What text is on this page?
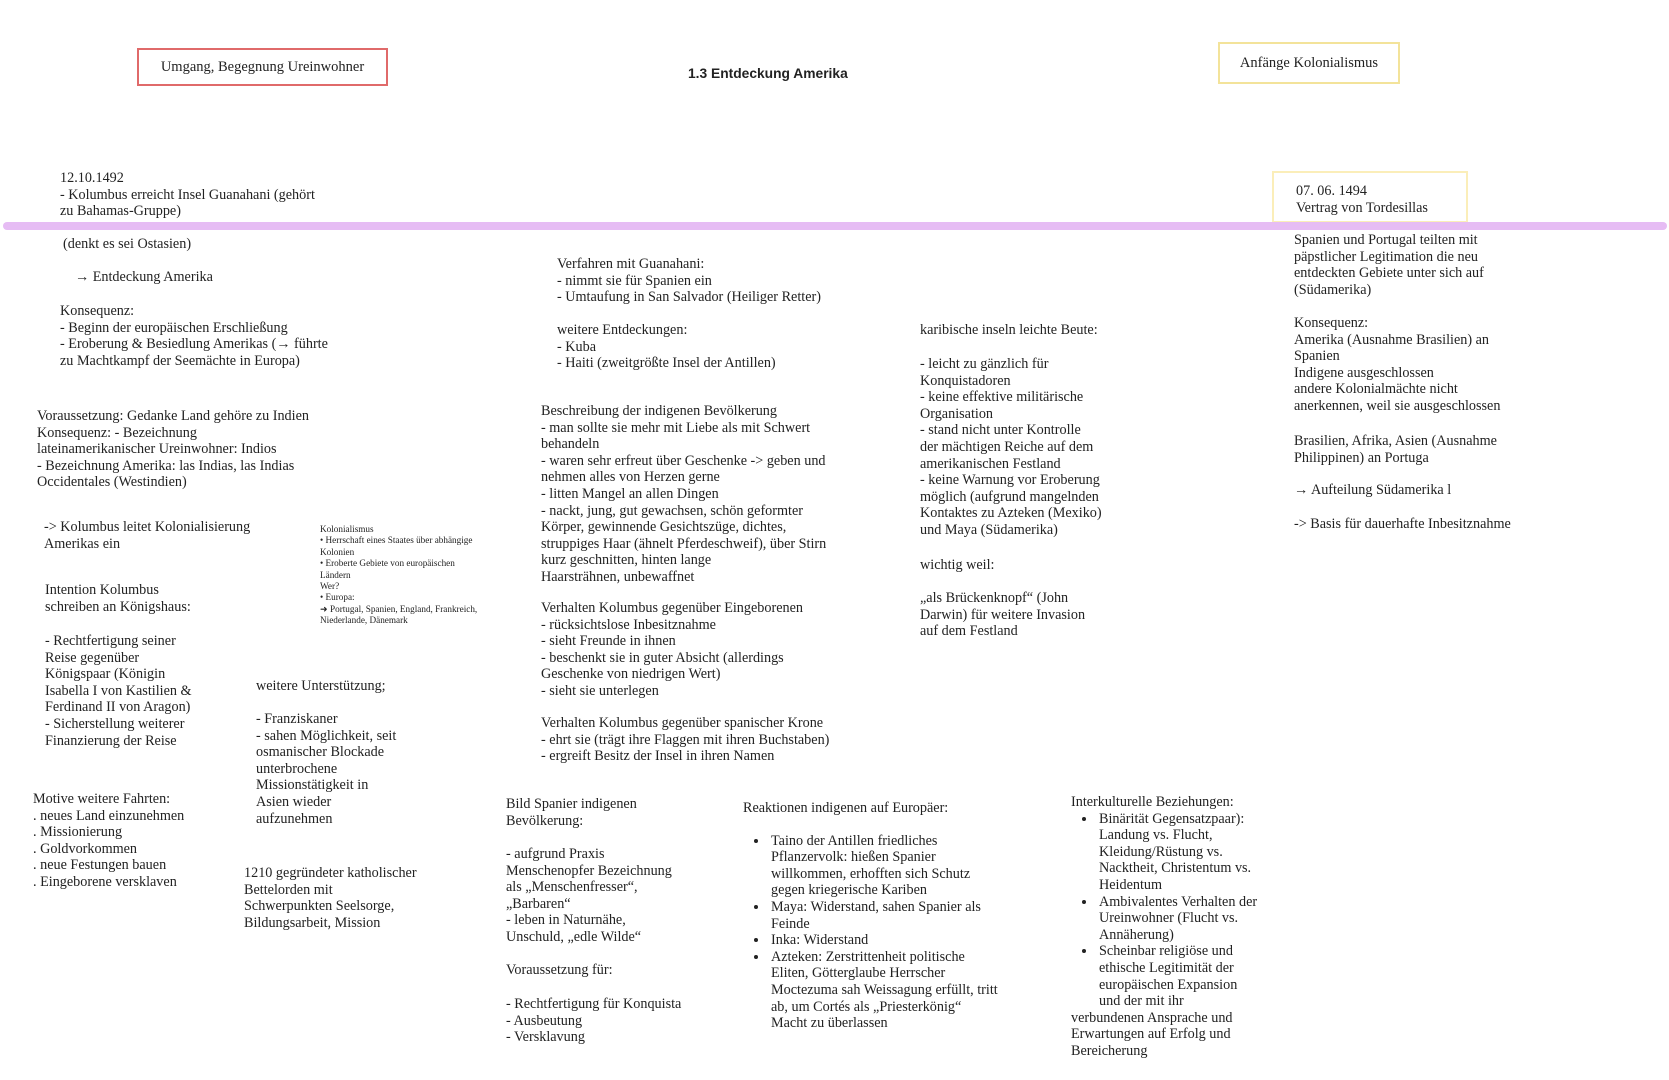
Umgang, Begegnung Ureinwohner	1.3 Entdeckung Amerika
Anfänge Kolonialismus

12.10.1492

- Kolumbus erreicht Insel Guanahani (gehört
zu Bahamas-Gruppe)

07. 06. 1494

Vertrag von Tordesillas

(denkt es sei Ostasien)

→ Entdeckung Amerika

Konsequenz:
- Beginn der europäischen Erschließung
- Eroberung & Besiedlung Amerikas (→ führte
zu Machtkampf der Seemächte in Europa)

Voraussetzung: Gedanke Land gehöre zu Indien
Konsequenz: - Bezeichnung
lateinamerikanischer Ureinwohner: Indios
- Bezeichnung Amerika: las Indias, las Indias
Occidentales (Westindien)

-> Kolumbus leitet Kolonialisierung
Amerikas ein

Intention Kolumbus
schreiben an Königshaus:

- Rechtfertigung seiner
Reise gegenüber
Königspaar (Königin
Isabella I von Kastilien &
Ferdinand II von Aragon)
- Sicherstellung weiterer
Finanzierung der Reise

Motive weitere Fahrten:
. neues Land einzunehmen
. Missionierung
. Goldvorkommen
. neue Festungen bauen
. Eingeborene versklaven

Kolonialismus

• Herrschaft eines Staates über abhängige

Kolonien

• Eroberte Gebiete von europäischen

Ländern

Wer?

• Europa:

➜ Portugal, Spanien, England, Frankreich,

Niederlande, Dänemark

weitere Unterstützung;

- Franziskaner
- sahen Möglichkeit, seit
osmanischer Blockade
unterbrochene
Missionstätigkeit in
Asien wieder
aufzunehmen

1210 gegründeter katholischer
Bettelorden mit
Schwerpunkten Seelsorge,
Bildungsarbeit, Mission

Verfahren mit Guanahani:
- nimmt sie für Spanien ein
- Umtaufung in San Salvador (Heiliger Retter)

weitere Entdeckungen:
- Kuba
- Haiti (zweitgrößte Insel der Antillen)

Beschreibung der indigenen Bevölkerung
- man sollte sie mehr mit Liebe als mit Schwert
behandeln
- waren sehr erfreut über Geschenke -> geben und
nehmen alles von Herzen gerne
- litten Mangel an allen Dingen
- nackt, jung, gut gewachsen, schön geformter
Körper, gewinnende Gesichtszüge, dichtes,
struppiges Haar (ähnelt Pferdeschweif), über Stirn
kurz geschnitten, hinten lange
Haarsträhnen, unbewaffnet

Verhalten Kolumbus gegenüber Eingeborenen
- rücksichtslose Inbesitznahme
- sieht Freunde in ihnen
- beschenkt sie in guter Absicht (allerdings
Geschenke von niedrigen Wert)
- sieht sie unterlegen

Verhalten Kolumbus gegenüber spanischer Krone
- ehrt sie (trägt ihre Flaggen mit ihren Buchstaben)
- ergreift Besitz der Insel in ihren Namen

karibische inseln leichte Beute:

- leicht zu gänzlich für
Konquistadoren
- keine effektive militärische
Organisation
- stand nicht unter Kontrolle
der mächtigen Reiche auf dem
amerikanischen Festland
- keine Warnung vor Eroberung
möglich (aufgrund mangelnden
Kontaktes zu Azteken (Mexiko)
und Maya (Südamerika)

wichtig weil:

„als Brückenknopf“ (John
Darwin) für weitere Invasion
auf dem Festland

Spanien und Portugal teilten mit
päpstlicher Legitimation die neu
entdeckten Gebiete unter sich auf
(Südamerika)

Konsequenz:
Amerika (Ausnahme Brasilien) an
Spanien
Indigene ausgeschlossen
andere Kolonialmächte nicht
anerkennen, weil sie ausgeschlossen

Brasilien, Afrika, Asien (Ausnahme
Philippinen) an Portuga

→ Aufteilung Südamerika l

-> Basis für dauerhafte Inbesitznahme

Bild Spanier indigenen
Bevölkerung:

- aufgrund Praxis
Menschenopfer Bezeichnung
als „Menschenfresser“,
„Barbaren“
- leben in Naturnähe,
Unschuld, „edle Wilde“

Voraussetzung für:

- Rechtfertigung für Konquista
- Ausbeutung
- Versklavung

Reaktionen indigenen auf Europäer:

• Taino der Antillen friedliches
Pflanzervolk: hießen Spanier
willkommen, erhofften sich Schutz
gegen kriegerische Kariben

• Maya: Widerstand, sahen Spanier als
Feinde

• Inka: Widerstand

• Azteken: Zerstrittenheit politische
Eliten, Götterglaube Herrscher
Moctezuma sah Weissagung erfüllt, tritt
ab, um Cortés als „Priesterkönig“
Macht zu überlassen

Interkulturelle Beziehungen:

• Binärität Gegensatzpaar):
Landung vs. Flucht,
Kleidung/Rüstung vs.
Nacktheit, Christentum vs.
Heidentum

• Ambivalentes Verhalten der
Ureinwohner (Flucht vs.
Annäherung)

• Scheinbar religiöse und
ethische Legitimität der
europäischen Expansion
und der mit ihr

verbundenen Ansprache und
Erwartungen auf Erfolg und
Bereicherung
